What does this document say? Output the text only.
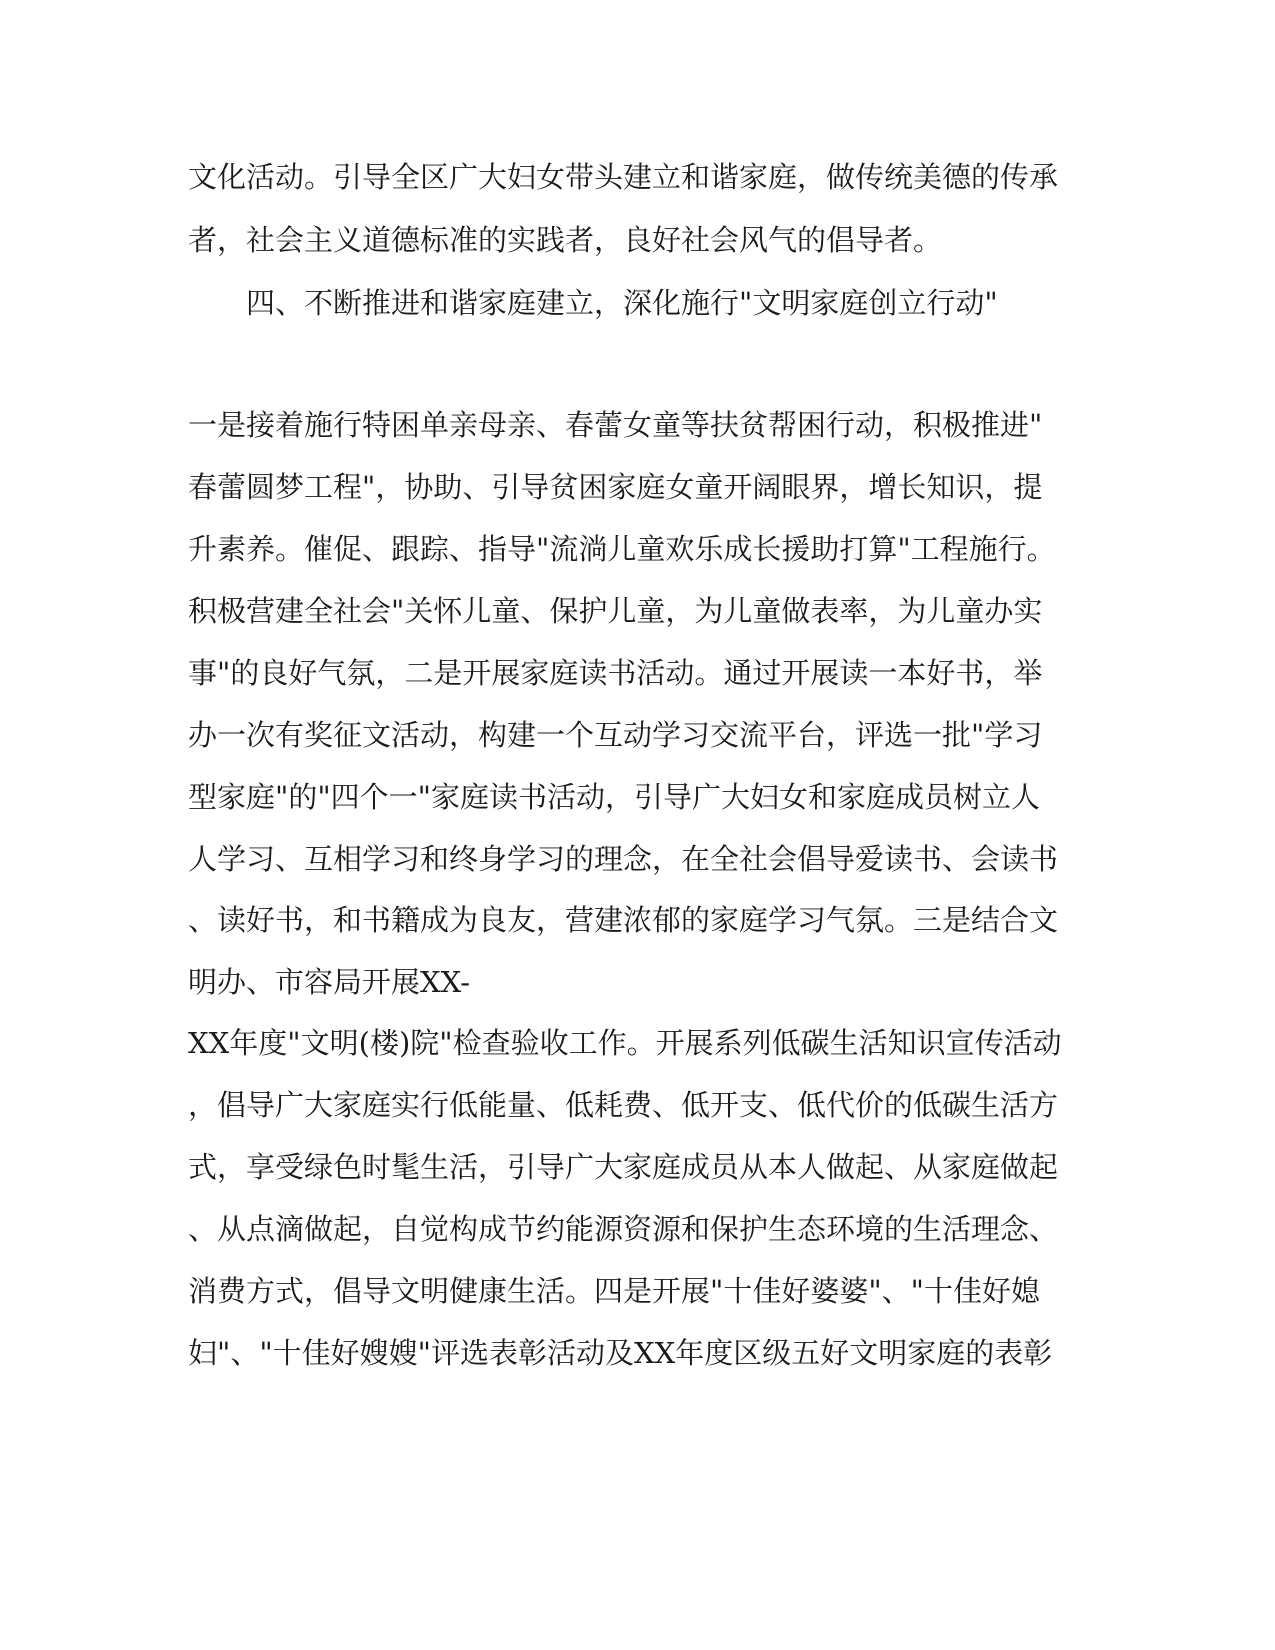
文化活动。引导全区广大妇女带头建立和谐家庭，做传统美德的传承

者，社会主义道德标准的实践者，良好社会风气的倡导者。

四、不断推进和谐家庭建立，深化施行"文明家庭创立行动"

一是接着施行特困单亲母亲、春蕾女童等扶贫帮困行动，积极推进"

春蕾圆梦工程"，协助、引导贫困家庭女童开阔眼界，增长知识，提

升素养。催促、跟踪、指导"流淌儿童欢乐成长援助打算"工程施行。

积极营建全社会"关怀儿童、保护儿童，为儿童做表率，为儿童办实

事"的良好气氛，二是开展家庭读书活动。通过开展读一本好书，举

办一次有奖征文活动，构建一个互动学习交流平台，评选一批"学习

型家庭"的"四个一"家庭读书活动，引导广大妇女和家庭成员树立人

人学习、互相学习和终身学习的理念，在全社会倡导爱读书、会读书

、读好书，和书籍成为良友，营建浓郁的家庭学习气氛。三是结合文

明办、市容局开展XX-

XX年度"文明(楼)院"检查验收工作。开展系列低碳生活知识宣传活动

，倡导广大家庭实行低能量、低耗费、低开支、低代价的低碳生活方

式，享受绿色时髦生活，引导广大家庭成员从本人做起、从家庭做起

、从点滴做起，自觉构成节约能源资源和保护生态环境的生活理念、

消费方式，倡导文明健康生活。四是开展"十佳好婆婆"、"十佳好媳

妇"、"十佳好嫂嫂"评选表彰活动及XX年度区级五好文明家庭的表彰
